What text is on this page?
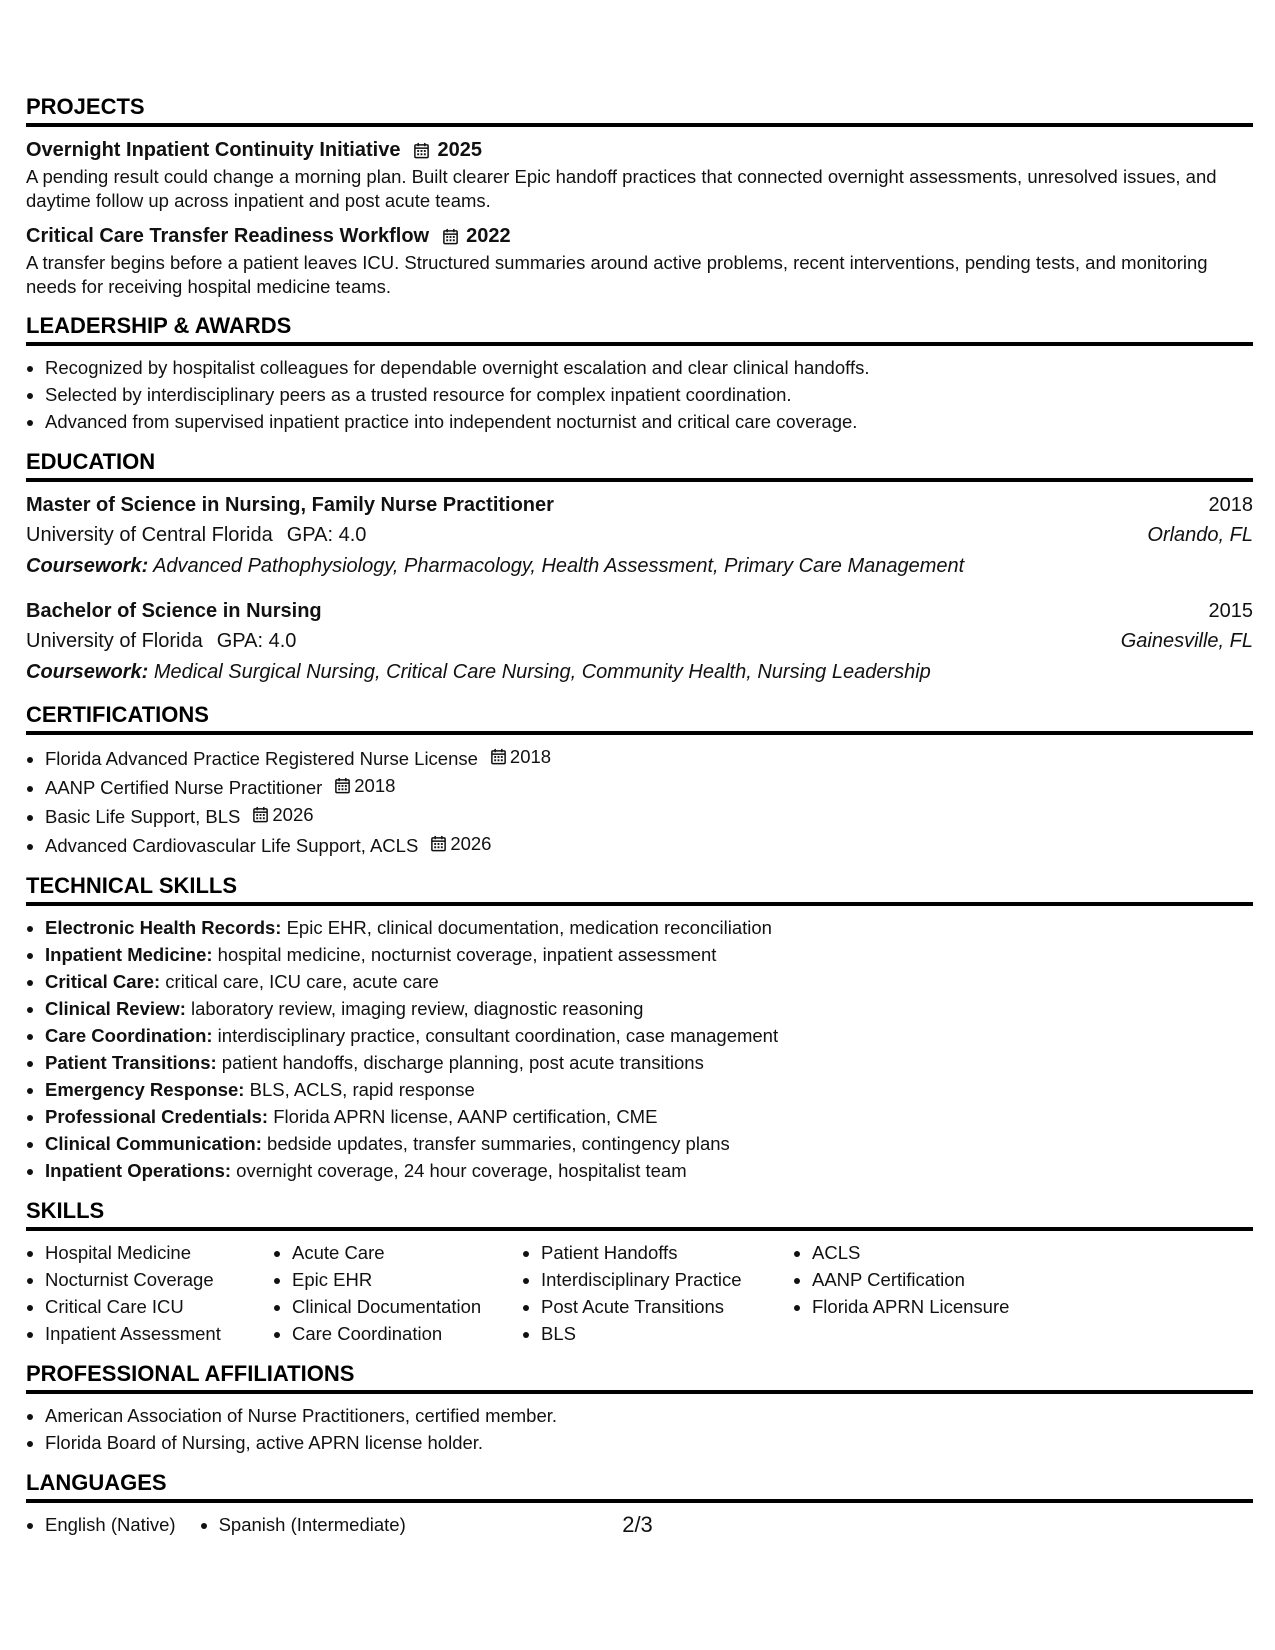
PROJECTS
Overnight Inpatient Continuity Initiative 2025
A pending result could change a morning plan. Built clearer Epic handoff practices that connected overnight assessments, unresolved issues, and daytime follow up across inpatient and post acute teams.
Critical Care Transfer Readiness Workflow 2022
A transfer begins before a patient leaves ICU. Structured summaries around active problems, recent interventions, pending tests, and monitoring needs for receiving hospital medicine teams.
LEADERSHIP & AWARDS
• Recognized by hospitalist colleagues for dependable overnight escalation and clear clinical handoffs.
• Selected by interdisciplinary peers as a trusted resource for complex inpatient coordination.
• Advanced from supervised inpatient practice into independent nocturnist and critical care coverage.
EDUCATION
Master of Science in Nursing, Family Nurse Practitioner	2018
University of Central Florida GPA: 4.0	Orlando, FL
Coursework: Advanced Pathophysiology, Pharmacology, Health Assessment, Primary Care Management
Bachelor of Science in Nursing	2015
University of Florida GPA: 4.0	Gainesville, FL
Coursework: Medical Surgical Nursing, Critical Care Nursing, Community Health, Nursing Leadership
CERTIFICATIONS
• Florida Advanced Practice Registered Nurse License 2018
• AANP Certified Nurse Practitioner 2018
• Basic Life Support, BLS 2026
• Advanced Cardiovascular Life Support, ACLS 2026
TECHNICAL SKILLS
• Electronic Health Records: Epic EHR, clinical documentation, medication reconciliation
• Inpatient Medicine: hospital medicine, nocturnist coverage, inpatient assessment
• Critical Care: critical care, ICU care, acute care
• Clinical Review: laboratory review, imaging review, diagnostic reasoning
• Care Coordination: interdisciplinary practice, consultant coordination, case management
• Patient Transitions: patient handoffs, discharge planning, post acute transitions
• Emergency Response: BLS, ACLS, rapid response
• Professional Credentials: Florida APRN license, AANP certification, CME
• Clinical Communication: bedside updates, transfer summaries, contingency plans
• Inpatient Operations: overnight coverage, 24 hour coverage, hospitalist team
SKILLS
• Hospital Medicine
• Nocturnist Coverage
• Critical Care ICU
• Inpatient Assessment
• Acute Care
• Epic EHR
• Clinical Documentation
• Care Coordination
• Patient Handoffs
• Interdisciplinary Practice
• Post Acute Transitions
• BLS
• ACLS
• AANP Certification
• Florida APRN Licensure
PROFESSIONAL AFFILIATIONS
• American Association of Nurse Practitioners, certified member.
• Florida Board of Nursing, active APRN license holder.
LANGUAGES
• English (Native)
• Spanish (Intermediate)	2/3
